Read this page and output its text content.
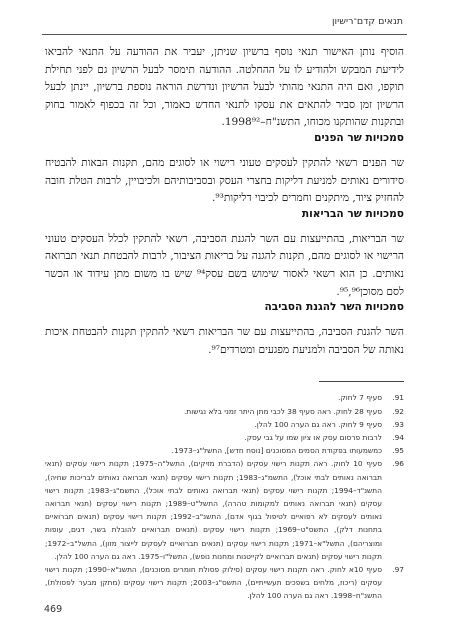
תנאים קדם־רישיון

הוסיף נותן האישור תנאי נוסף ברשיון שניתן, יעביר את ההודעה על התנאי להביאו לידיעת המבקש ולהודיע לו על ההחלטה. ההודעה תימסר לבעל הרשיון גם לפני תחילת תוקפו, ואם היה התנאי מהותי לבעל הרשיון ונדרשת הוראה נוספת ברשיון, יינתן לבעל הרשיון זמן סביר להתאים את עסקו לתנאי החדש כאמור, וכל זה בכפוף לאמור בחוק ובתקנות שהותקנו מכוחו, התשנ"ח–1998⁹².

סמכויות שר הפנים

שר הפנים רשאי להתקין לעסקים טעוני רישוי או לסוגים מהם, תקנות הבאות להבטיח סידורים נאותים למניעת דליקות בחצרי העסק ובסביבותיהם ולכיבויין, לרבות הטלת חובה להחזיק ציוד, מיתקנים וחמרים לכיבוי דליקות⁹³.

סמכויות שר הבריאות

שר הבריאות, בהתייעצות עם השר להגנת הסביבה, רשאי להתקין לכלל העסקים טעוני הרישוי או לסוגים מהם, תקנות להגנה על בריאות הציבור, לרבות להבטחת תנאי תברואה נאותים. כן הוא רשאי לאסור שימוש בשם עסק⁹⁴ שיש בו משום מתן עידוד או הכשר לסם מסוכן⁹⁵,⁹⁶.

סמכויות השר להגנת הסביבה

השר להגנת הסביבה, בהתייעצות עם שר הבריאות רשאי להתקין תקנות להבטחת איכות נאותה של הסביבה ולמניעת מפגעים ומטרדים⁹⁷.

91.
סעיף 7 לחוק.
92.
סעיף 28 לחוק. ראה סעיף 38 לכבי מתן היתר זמני בלא נגישות.
93.
סעיף 9 לחוק. ראה גם הערה 100 להלן.
94.
לרבות פרסום עסק או ציון שמו על גבי עסק.
95.
כמשמעותו בפקודת הסמים המסוכנים [נוסח חדש], התשל"ג–1973.
96.
סעיף 10 לחוק. ראה תקנות רישוי עסקים (הדברת מזיקים), התשל"ה–1975; תקנות רישוי עסקים (תנאי תברואה נאותים לבתי אוכל), התשמ"ג–1983; תקנות רישוי עסקים (תנאי תברואה נאותים לבריכות שחיה), התשנ"ד–1994; תקנות רישוי עסקים (תנאי תברואה נאותים לבתי אוכל), התשמ"ג–1983; תקנות רישוי עסקים (תנאי תברואה נאותים למקומות טהרה), התשל"ט–1989; תקנות רישוי עסקים (תנאי תברואה נאותים לעסקים לא רפואיים לטיפול בגוף אדם), התשנ"ב–1992; תקנות רישוי עסקים (תנאים תברואיים בתחנות דלק), התשס"ט–1969; תקנות רישוי עסקים (תנאים תברואיים להובלת בשר, דגים, עופות ומוצריהם), התשל"א–1971; תקנות רישוי עסקים (תנאים תברואיים לעסקים לייצור מזון), התשל"ב–1972; תקנות רישוי עסקים (תנאים תברואיים לקייטנות ומחנות נופש), התשל"ו–1975. ראה גם הערה 100 להלן.
97.
סעיף 10א לחוק. ראה תקנות רישוי עסקים (סילוק פסולת חומרים מסוכנים), התשנ"א–1990; תקנות רישוי עסקים (ריכוז, מלחים בשפכים תעשייתיים), התשס"ג–2003; תקנות רישוי עסקים (מתקן מבער לפסולת), התשנ"ח–1998. ראה גם הערה 100 להלן.
469
